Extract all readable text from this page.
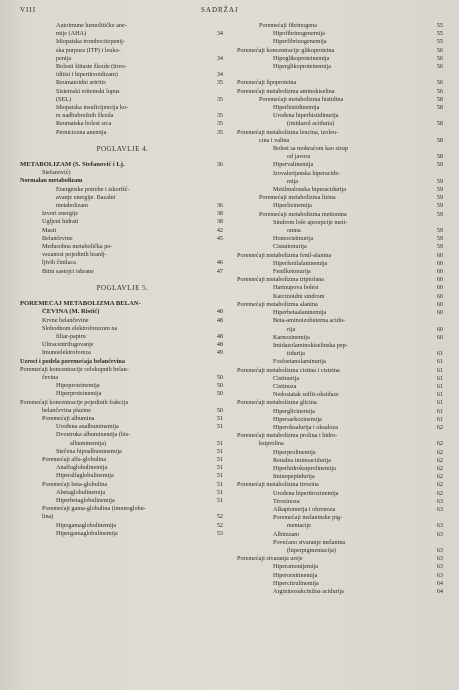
VIII	SADRŽAJ
Autoimune hemolitičke ane-
mije (AHA)	34
Idiopatska trombocitopeniј-
ska purpura (ITP) i leuko-
penija	34
Bolesti štitaste žlezde (tireo-
iditisi i hipertireoidizam)	34
Reumatoidni artritis	35
Sistemski eritemski lupus
(SEL)	35
Idiopatska insuficijencija ko-
re nadbubrežnih žlezda	35
Reumatska bolest srca	35
Perniciozna anemija	35
POGLAVLJE 4.
METABOLIZAM (S. Stefanović i Lj.	36
Stefanović)
Normalan metabolizam
Energetske potrebe i iskorišć-
avanje energije. Bazalni
metabolizam	36
Izvori energije	38
Ugljeni hidrati	38
Masti	42
Belančevine	45
Međusobna metabolička po-
vezanost pojedinih hranlj-
ljivih činilaca	46
Bitni sastojci ishrane	47
POGLAVLJE 5.
POREMEĆAJ METABOLIZMA BELAN-
ČEVINA (M. Ristić)	48
Krvne belančevine	48
Slobodnom elektroforezom na
filtar-papiru	48
Ultracentrifugovanje	48
Imunoelektroforeza	49
Uzroci i podela poremećaja belančevina
Poremećaji koncentracije celokupnih belan-
čevina	50
Hipoproteinemija	50
Hiperproteinemija	50
Poremećaji koncentracije pojedinih frakcija
belančevina plazme	50
Poremećaji albumina	51
Urođena analbuminemija	51
Dvostruka albuminemija (bis-
albuminemija)	51
Stečena hipoalbuminemija	51
Poremećaji alfa-globulina	51
Analfaglobulinemija	51
Hiperalfaglobulinemija	51
Poremećaji beta-globulina	51
Abetaglobulinemija	51
Hiperbetaglobulinemija	51
Poremećaji gama-globulina (imunoglobu-
lina)	52
Hipogamaglobulinemija	52
Hipergamaglobulinemija	53
Poremećaji fibrinogena	55
Hipofibrinogenemija	55
Hiperfibrinogenemija	55
Poremećaji koncentracije glikoproteina	56
Hipoglikoproteinemija	56
Hiperglikoproteinemija	56
Poremećaji lipoproteina	56
Poremećaji metabolizma aminokiselina	56
Poremećaji metabolizma histidina	58
Hiperhistidinemija	58
Urođena hiperhistidinurija
(imidazol aciduria)	58
Poremećaji metabolizma leucina, izoleu-
cina i valina	58
Bolest sa mokraćom kao sirup
od javora	58
Hipervalinemija	59
Izovalerijanska hiperacide-
mija	59
Metilmalonska hiperacidurija	59
Poremećaji metabolizma lizina	59
Hiperlizinemija	59
Poremećaji metabolizma metionina	59
Sindrom loše apsorpcije meti-
onina	59
Homocistinurija	59
Cistationurija	59
Poremećaji metabolizma fenil-alanina	60
Hiperfenilalaninemija	60
Fenilketonurija	60
Poremećaji metabolizma triptofana	60
Hartnupova bolest	60
Karcinoidni sindrom	60
Poremećaji metabolizma alanina	60
Hiperbetaalaninemija	60
Beta-aminoizobuterna acidu-
rija	60
Karnozinemija	60
Imidazolaminokiselinska pep-
tidurija	61
Fosfoetanolaminurija	61
Poremećaji metabolizma cistina i cisteina	61
Cistinurija	61
Cistinoza	61
Nedostatak sulfit-oksidaze	61
Poremećaji metabolizma glicina	61
Hiperglicinemija	61
Hipersarkozinemija	61
Hiperoksalurija i oksaloza	62
Poremećaji metabolizma prolina i hidro-
ksiprolina	62
Hiperprolinemija	62
Renalna iminoacidurija	62
Hiperhidroksiprolinemija	62
Iminopeptidurija	62
Poremećaji metabolizma tirozina	62
Urođena hipertirozinemija	62
Tirozinoza	63
Alkaptonurija i ohronoza	63
Poremećaji melaninske pig-
mentacije	63
Albinizam	63
Povećano stvaranje melanina
(hiperpigmentacija)	63
Poremećaji stvaranja ureje	63
Hiperamonijemija	63
Hiperornitinemija	63
Hipercitrulinemija	64
Argininosukcinilna acidurija	64
